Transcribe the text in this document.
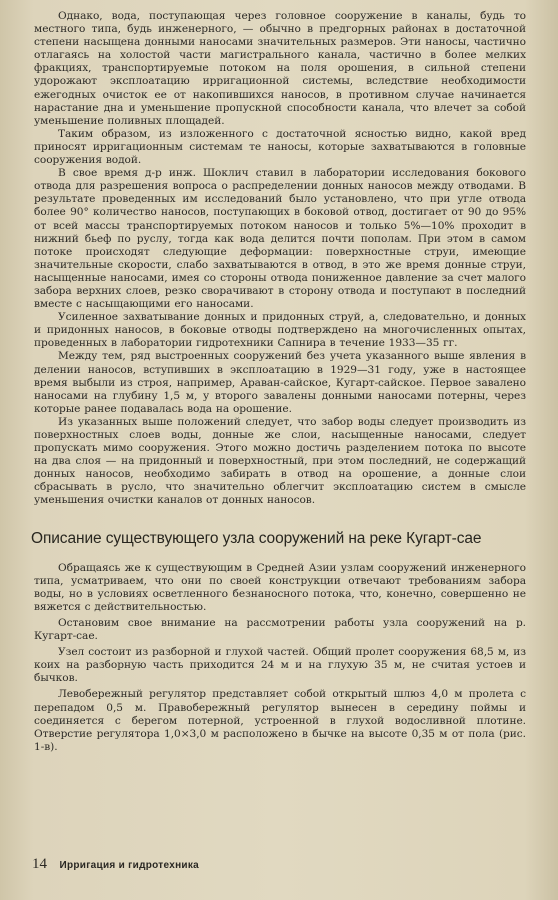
Однако, вода, поступающая через головное сооружение в каналы, будь то местного типа, будь инженерного, — обычно в предгорных районах в достаточной степени насыщена донными наносами значительных размеров. Эти наносы, частично отлагаясь на холостой части магистрального канала, частично в более мелких фракциях, транспортируемые потоком на поля орошения, в сильной степени удорожают эксплоатацию ирригационной системы, вследствие необходимости ежегодных очисток ее от накопившихся наносов, в противном случае начинается нарастание дна и уменьшение пропускной способности канала, что влечет за собой уменьшение поливных площадей.

Таким образом, из изложенного с достаточной ясностью видно, какой вред приносят ирригационным системам те наносы, которые захватываются в головные сооружения водой.

В свое время д-р инж. Шоклич ставил в лаборатории исследования бокового отвода для разрешения вопроса о распределении донных наносов между отводами. В результате проведенных им исследований было установлено, что при угле отвода более 90° количество наносов, поступающих в боковой отвод, достигает от 90 до 95% от всей массы транспортируемых потоком наносов и только 5%—10% проходит в нижний бьеф по руслу, тогда как вода делится почти пополам. При этом в самом потоке происходят следующие деформации: поверхностные струи, имеющие значительные скорости, слабо захватываются в отвод, в это же время донные струи, насыщенные наносами, имея со стороны отвода пониженное давление за счет малого забора верхних слоев, резко сворачивают в сторону отвода и поступают в последний вместе с насыщающими его наносами.

Усиленное захватывание донных и придонных струй, а, следовательно, и донных и придонных наносов, в боковые отводы подтверждено на многочисленных опытах, проведенных в лаборатории гидротехники Сапнира в течение 1933—35 гг.

Между тем, ряд выстроенных сооружений без учета указанного выше явления в делении наносов, вступивших в эксплоатацию в 1929—31 году, уже в настоящее время выбыли из строя, например, Араван-сайское, Кугарт-сайское. Первое завалено наносами на глубину 1,5 м, у второго завалены донными наносами потерны, через которые ранее подавалась вода на орошение.

Из указанных выше положений следует, что забор воды следует производить из поверхностных слоев воды, донные же слои, насыщенные наносами, следует пропускать мимо сооружения. Этого можно достичь разделением потока по высоте на два слоя — на придонный и поверхностный, при этом последний, не содержащий донных наносов, необходимо забирать в отвод на орошение, а донные слои сбрасывать в русло, что значительно облегчит эксплоатацию систем в смысле уменьшения очистки каналов от донных наносов.

Описание существующего узла сооружений на реке Кугарт-сае

Обращаясь же к существующим в Средней Азии узлам сооружений инженерного типа, усматриваем, что они по своей конструкции отвечают требованиям забора воды, но в условиях осветленного безнаносного потока, что, конечно, совершенно не вяжется с действительностью.

Остановим свое внимание на рассмотрении работы узла сооружений на р. Кугарт-сае.

Узел состоит из разборной и глухой частей. Общий пролет сооружения 68,5 м, из коих на разборную часть приходится 24 м и на глухую 35 м, не считая устоев и бычков.

Левобережный регулятор представляет собой открытый шлюз 4,0 м пролета с перепадом 0,5 м. Правобережный регулятор вынесен в середину поймы и соединяется с берегом потерной, устроенной в глухой водосливной плотине. Отверстие регулятора 1,0×3,0 м расположено в бычке на высоте 0,35 м от пола (рис. 1-в).

14 Ирригация и гидротехника
